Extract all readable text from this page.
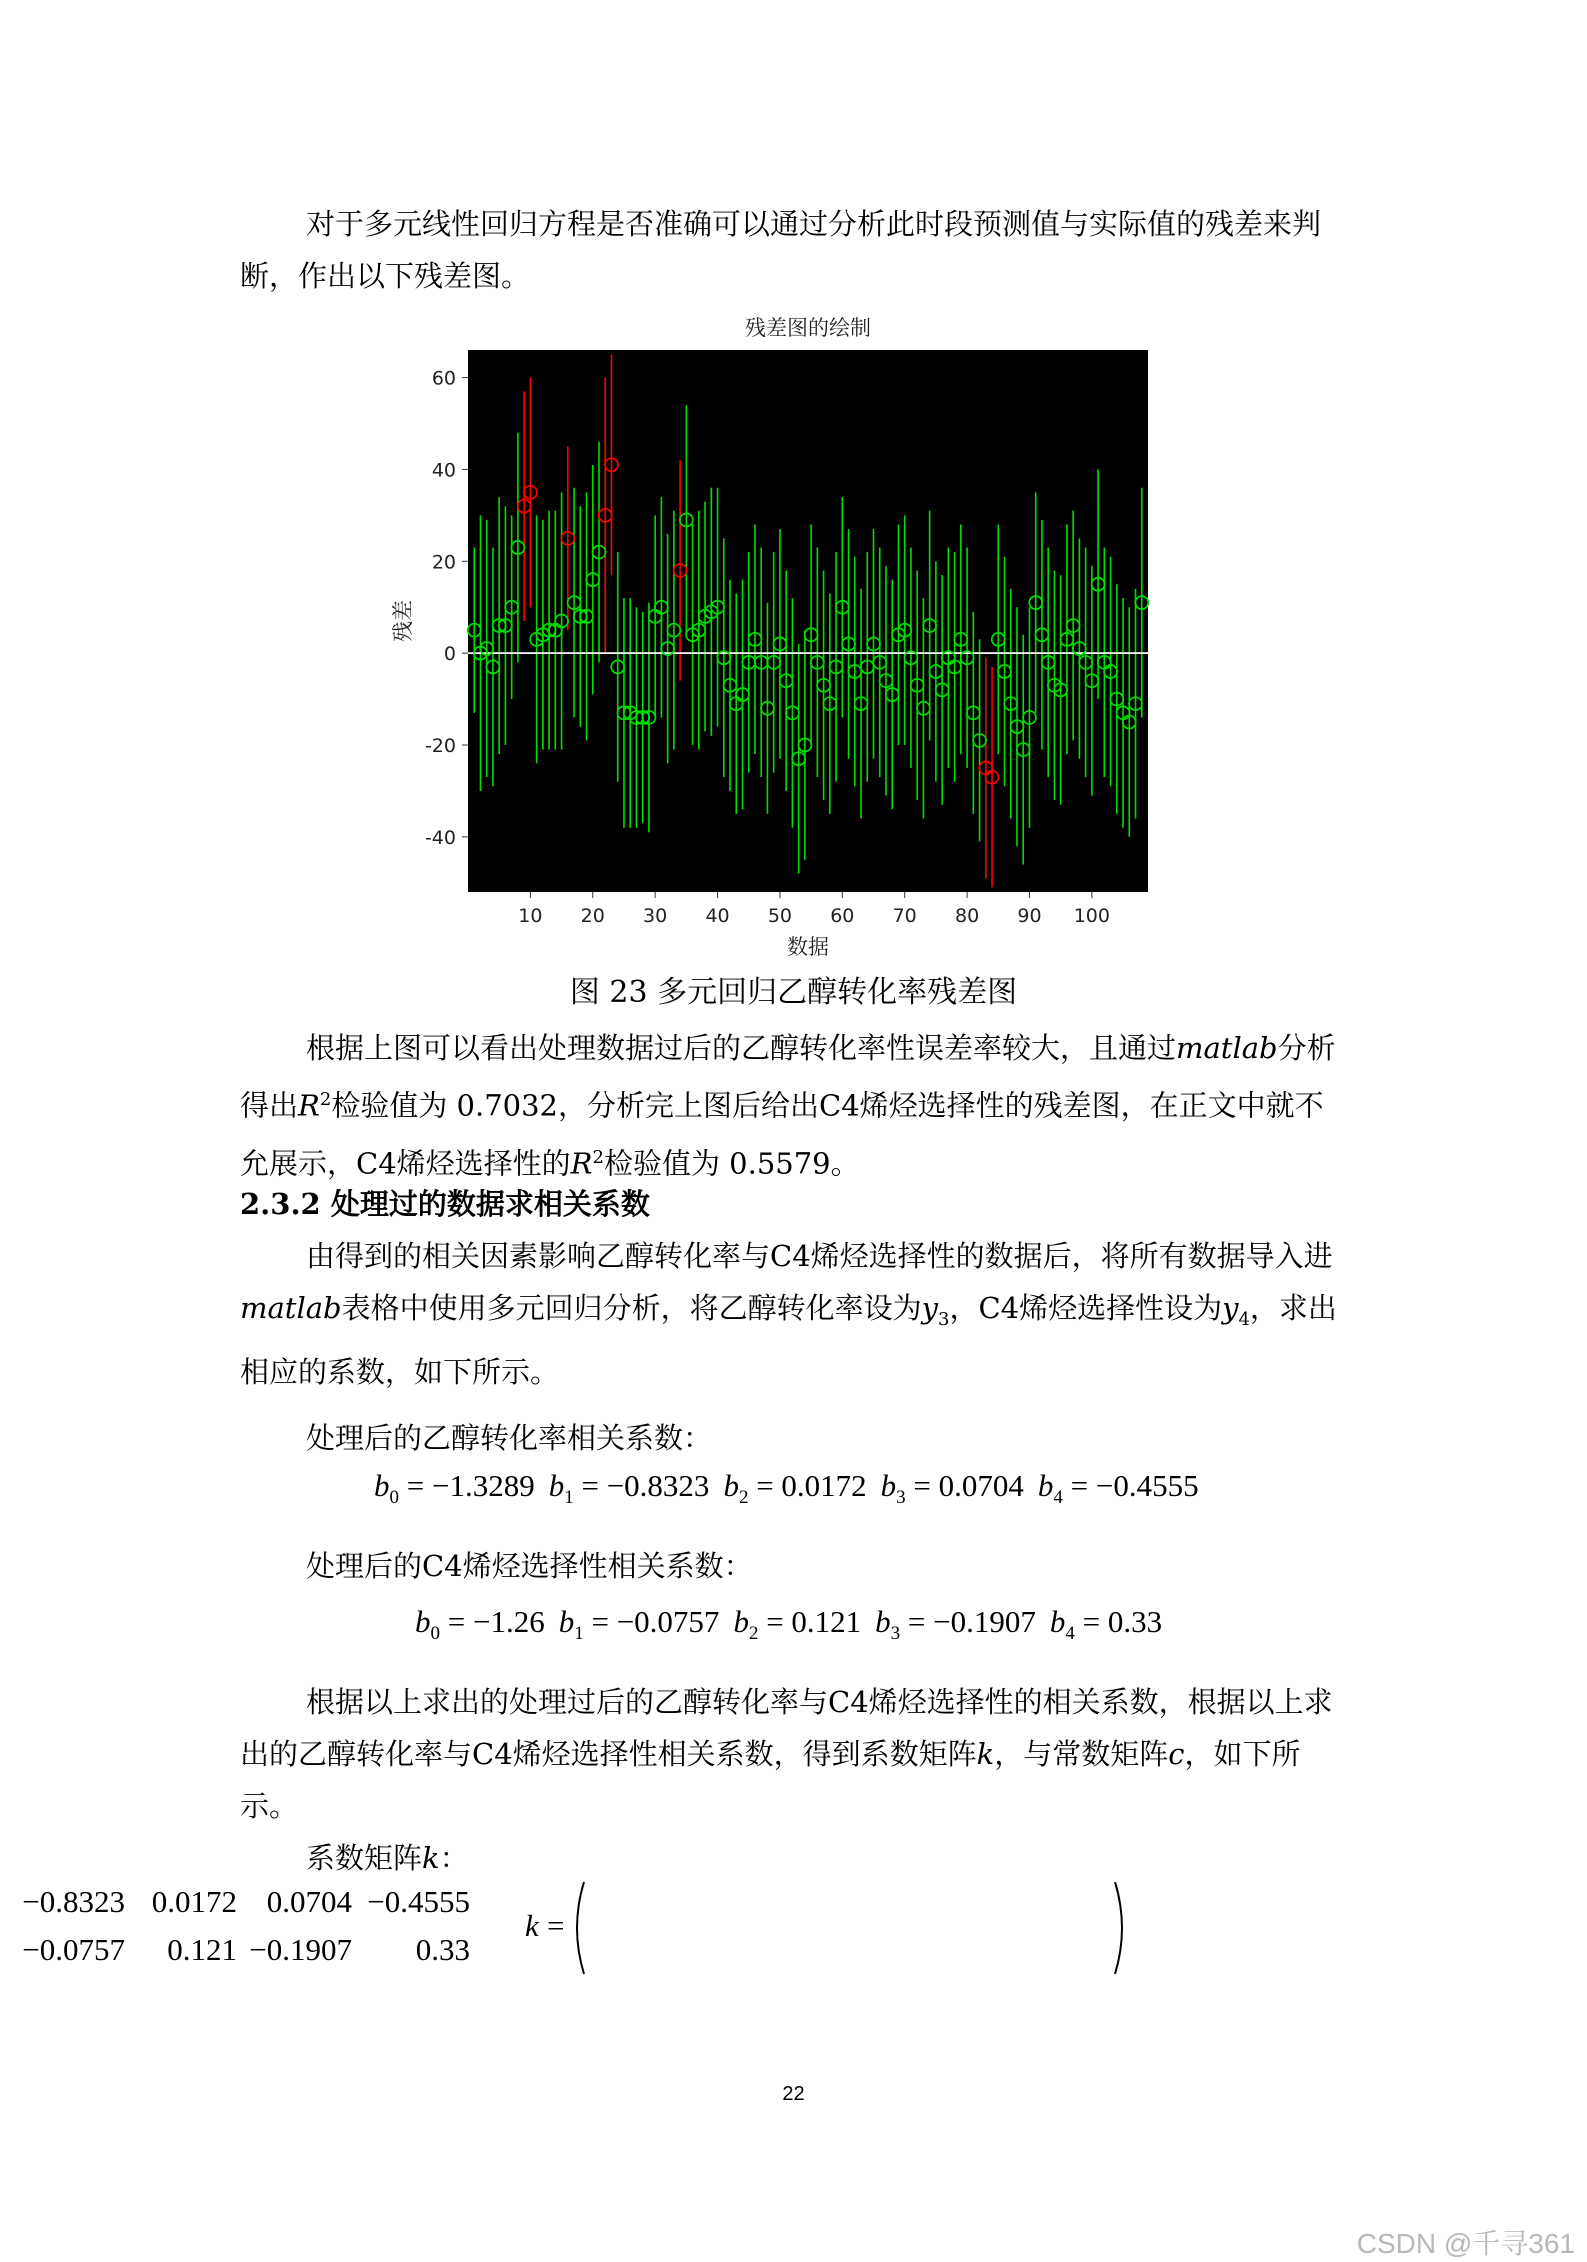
对于多元线性回归方程是否准确可以通过分析此时段预测值与实际值的残差来判断，作出以下残差图。

残差图的绘制
10 20 30 40 50 60 70 80 90 100
-40
-20
0
20
40
60
数据
残差

图 23 多元回归乙醇转化率残差图

根据上图可以看出处理数据过后的乙醇转化率性误差率较大，且通过matlab分析得出$R^2$检验值为 0.7032，分析完上图后给出C4烯烃选择性的残差图，在正文中就不允展示，C4烯烃选择性的$R^2$检验值为 0.5579。

2.3.2 处理过的数据求相关系数

由得到的相关因素影响乙醇转化率与C4烯烃选择性的数据后，将所有数据导入进matlab表格中使用多元回归分析，将乙醇转化率设为$y_3$，C4烯烃选择性设为$y_4$，求出相应的系数，如下所示。

处理后的乙醇转化率相关系数：

$b_0 = -1.3289$ $b_1 = -0.8323$ $b_2 = 0.0172$ $b_3 = 0.0704$ $b_4 = -0.4555$

处理后的C4烯烃选择性相关系数：

$b_0 = -1.26$ $b_1 = -0.0757$ $b_2 = 0.121$ $b_3 = -0.1907$ $b_4 = 0.33$

根据以上求出的处理过后的乙醇转化率与C4烯烃选择性的相关系数，根据以上求出的乙醇转化率与C4烯烃选择性相关系数，得到系数矩阵k，与常数矩阵c，如下所示。

系数矩阵k：

k =
−0.8323 0.0172 0.0704 −0.4555
−0.0757 0.121 −0.1907 0.33
22
CSDN @千寻361
